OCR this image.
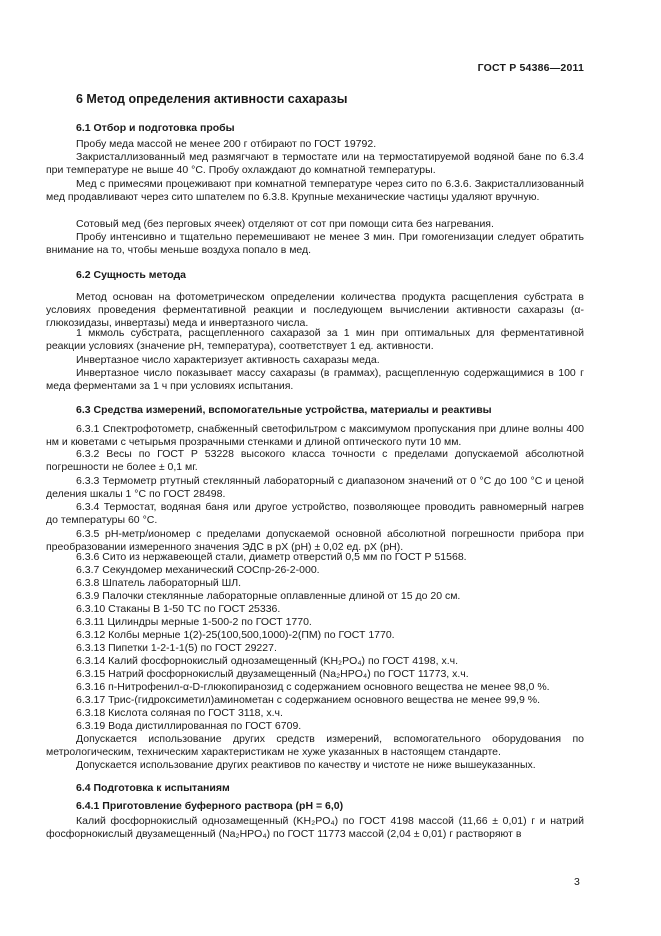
ГОСТ Р 54386—2011
6 Метод определения активности сахаразы
6.1 Отбор и подготовка пробы

Пробу меда массой не менее 200 г отбирают по ГОСТ 19792.

Закристаллизованный мед размягчают в термостате или на термостатируемой водяной бане по 6.3.4 при температуре не выше 40 °С. Пробу охлаждают до комнатной температуры.

Мед с примесями процеживают при комнатной температуре через сито по 6.3.6. Закристаллизованный мед продавливают через сито шпателем по 6.3.8. Крупные механические частицы удаляют вручную.

Сотовый мед (без перговых ячеек) отделяют от сот при помощи сита без нагревания.

Пробу интенсивно и тщательно перемешивают не менее 3 мин. При гомогенизации следует обратить внимание на то, чтобы меньше воздуха попало в мед.

6.2 Сущность метода

Метод основан на фотометрическом определении количества продукта расщепления субстрата в условиях проведения ферментативной реакции и последующем вычислении активности сахаразы (α-глюкозидазы, инвертазы) меда и инвертазного числа.

1 мкмоль субстрата, расщепленного сахаразой за 1 мин при оптимальных для ферментативной реакции условиях (значение рН, температура), соответствует 1 ед. активности.

Инвертазное число характеризует активность сахаразы меда.

Инвертазное число показывает массу сахаразы (в граммах), расщепленную содержащимися в 100 г меда ферментами за 1 ч при условиях испытания.

6.3 Средства измерений, вспомогательные устройства, материалы и реактивы

6.3.1 Спектрофотометр, снабженный светофильтром с максимумом пропускания при длине волны 400 нм и кюветами с четырьмя прозрачными стенками и длиной оптического пути 10 мм.

6.3.2 Весы по ГОСТ Р 53228 высокого класса точности с пределами допускаемой абсолютной погрешности не более ± 0,1 мг.

6.3.3 Термометр ртутный стеклянный лабораторный с диапазоном значений от 0 °С до 100 °С и ценой деления шкалы 1 °С по ГОСТ 28498.

6.3.4 Термостат, водяная баня или другое устройство, позволяющее проводить равномерный нагрев до температуры 60 °С.

6.3.5 рН-метр/иономер с пределами допускаемой основной абсолютной погрешности прибора при преобразовании измеренного значения ЭДС в рХ (рН) ± 0,02 ед. рХ (рН).

6.3.6 Сито из нержавеющей стали, диаметр отверстий 0,5 мм по ГОСТ Р 51568.

6.3.7 Секундомер механический СОСпр-26-2-000.

6.3.8 Шпатель лабораторный ШЛ.

6.3.9 Палочки стеклянные лабораторные оплавленные длиной от 15 до 20 см.

6.3.10 Стаканы В 1-50 ТС по ГОСТ 25336.

6.3.11 Цилиндры мерные 1-500-2 по ГОСТ 1770.

6.3.12 Колбы мерные 1(2)-25(100,500,1000)-2(ПМ) по ГОСТ 1770.

6.3.13 Пипетки 1-2-1-1(5) по ГОСТ 29227.

6.3.14 Калий фосфорнокислый однозамещенный (KH₂PO₄) по ГОСТ 4198, х.ч.

6.3.15 Натрий фосфорнокислый двузамещенный (Na₂HPO₄) по ГОСТ 11773, х.ч.

6.3.16 п-Нитрофенил-α-D-глюкопиранозид с содержанием основного вещества не менее 98,0 %.

6.3.17 Трис-(гидроксиметил)аминометан с содержанием основного вещества не менее 99,9 %.

6.3.18 Кислота соляная по ГОСТ 3118, х.ч.

6.3.19 Вода дистиллированная по ГОСТ 6709.

Допускается использование других средств измерений, вспомогательного оборудования по метрологическим, техническим характеристикам не хуже указанных в настоящем стандарте.

Допускается использование других реактивов по качеству и чистоте не ниже вышеуказанных.

6.4 Подготовка к испытаниям
6.4.1 Приготовление буферного раствора (рН = 6,0)

Калий фосфорнокислый однозамещенный (KH₂PO₄) по ГОСТ 4198 массой (11,66 ± 0,01) г и натрий фосфорнокислый двузамещенный (Na₂HPO₄) по ГОСТ 11773 массой (2,04 ± 0,01) г растворяют в

3
